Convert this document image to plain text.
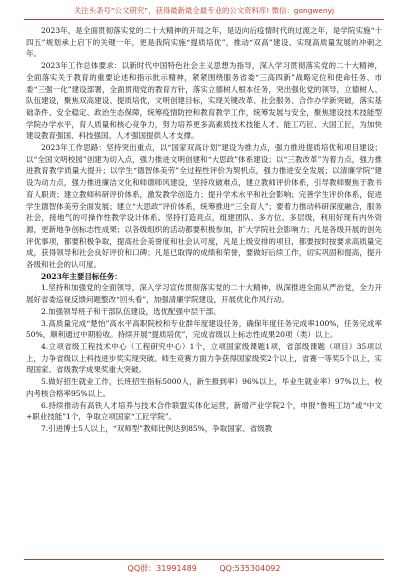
关注头条号“公文研究”，获得最新最全最专业的公文资料库! 微信：gongwenyj

2023年，是全面贯彻落实党的二十大精神的开局之年，是迈向后疫情时代的过渡之年，是学院实施“十四五”规划承上启下的关键一年，更是我院实施“提质培优”，推动“双高”建设、实现高质量发展的冲刺之年。

2023年工作总体要求：以新时代中国特色社会主义思想为指导，深入学习贯彻落实党的二十大精神，全面落实关于教育的重要论述和指示批示精神，紧紧围绕服务省委“三高四新”战略定位和使命任务、市委“三强一化”建设部署，全面贯彻党的教育方针，落实立德树人根本任务，突出强化党的领导，立德树人、队伍建设，聚焦双高建设、提质培优，文明创建目标，实现关键改革、社会服务、合作办学新突破，落实基础条件、安全稳定、政治生态保障，统筹疫情防控和教育教学工作，统筹发展与安全，聚焦建设技术技能型学院办学水平，育人质量和核心竞争力，努力培养更多高素质技术技能人才、能工巧匠、大国工匠，为加快建设教育强国、科技强国、人才强国提供人才支撑。

2023年工作思路：坚持突出重点，以“国家双高计划”建设为推力点，强力推进提质培优和项目建设；以“全国文明校园”创建为切入点，强力推进文明创建和“大思政”体系建设；以“三教改革”为着力点，强力推进教育教学质量大提升；以学生“德智体美劳”全过程性评价为契机点，强力推进安全发展；以清廉学院”建设为动力点，强力推进廉洁文化和师德师风建设，坚持攻破难点，建立教师评价体系，引导教师聚焦于教书育人职责；建立教师科研评价体系，激发教学创造力；提升学术水平和社会影响；完善学生评价体系，促进学生德智体美劳全面发展；建立“大思政”评价体系，统筹推进“三全育人”；要着力推动科研深度融合，服务社会，接地气的可操作性教学设计体系。坚持打造亮点，组建团队、多方位、多层级，利用好现有内外资源，更新地争创标志性成果；以各级组织的活动都要积极参加，扩大学院社会影响力；凡是各级开展的创先评优事项，都要积极争取，提高社会美誉度和社会认可度，凡是上级安排的项目，都要按时按要求高质量完成，获得领导和社会良好评价和口碑；凡是已取得的成绩和荣誉，要做好后续工作，切实巩固和提高，提升各级和社会的认可度。

2023年主要目标任务：

1.坚持和加强党的全面领导，深入学习宣传贯彻落实党的二十大精神，纵深推进全面从严治党，全力开展好省委巡视反馈问题整改“回头看”，加强清廉学院建设，开展优化作风行动。

2.加强领导班子和干部队伍建设，选优配强中层干部。

3.高质量完成“楚怡”高水平高职院校和专业群年度建设任务，确保年度任务完成率100%，任务完成率50%，顺利通过中期验收。持续开展“提质培优”，完成省级以上标志性成果20项（类）以上。

4.立项省级工程技术中心（工程研究中心）1个，立项国家级课题1项，省部级课题（项目）35项以上，力争省级以上科技进步奖实现突破。师生竞赛方面力争获得国家级奖2个以上，省赛一等奖5个以上，实现国家、省级教学成果奖重大突破。

5.做好招生就业工作，长班招生指标5000人，新生报到率）96%以上，毕业生就业率）97%以上，校内考核合格率95%以上。

6.持续推动有高铁人才培养与技术合作联盟实体化运营，新增产业学院2个，申报“鲁班工坊”或“中文+职业技能”1个，争取立项国家“工匠学院”。

7.引进博士5人以上，“双师型”教师比例达到85%，争取国家、省级教

QQ群：31991489	QQ:535304092
